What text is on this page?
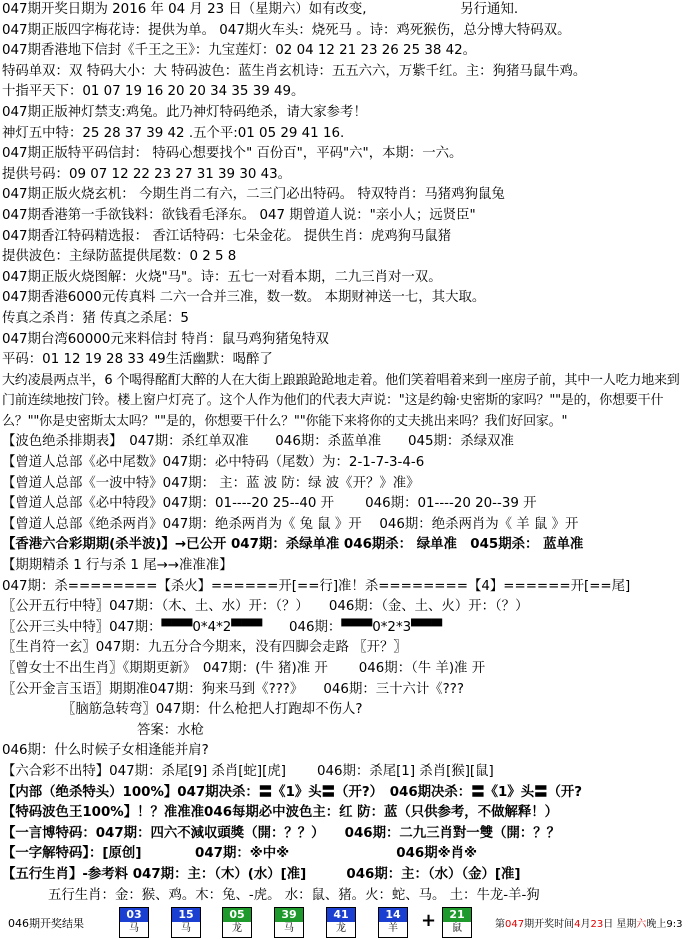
047期开奖日期为 2016 年 04 月 23 日（星期六）如有改变,　　　　　　　另行通知.
047期正版四字梅花诗：提供为单。 047期火车头：烧死马 。诗：鸡死猴伤，总分博大特码双。
047期香港地下信封《千王之王》：九宝莲灯：02 04 12 21 23 26 25 38 42。
特码单双：双 特码大小：大 特码波色：蓝生肖玄机诗：五五六六，万紫千红。主：狗猪马鼠牛鸡。
十指平天下：01 07 19 16 20 20 34 35 39 49。
047期正版神灯禁支:鸡兔。此乃神灯特码绝杀，请大家参考！
神灯五中特：25 28 37 39 42 .五个平:01 05 29 41 16.
047期正版特平码信封： 特码心想要找个" 百份百"，平码"六"，本期：一六。
提供号码：09 07 12 22 23 27 31 39 30 43。
047期正版火烧玄机： 今期生肖二有六，二三门必出特码。 特双特肖：马猪鸡狗鼠兔
047期香港第一手欲钱料：欲钱看毛泽东。 047 期曾道人说："亲小人；远贤臣"
047期香江特码精选报： 香江话特码：七朵金花。 提供生肖：虎鸡狗马鼠猪
提供波色：主绿防蓝提供尾数：0 2 5 8
047期正版火烧图解：火烧"马"。诗：五七一对看本期，二九三肖对一双。
047期香港6000元传真料 二六一合并三准，数一数。 本期财神送一七，其大取。
传真之杀肖：猪 传真之杀尾：5
047期台湾60000元来料信封 特肖：鼠马鸡狗猪兔特双
平码：01 12 19 28 33 49生活幽默：喝醉了
大约凌晨两点半，6 个喝得酩酊大醉的人在大街上踉踉跄跄地走着。他们笑着唱着来到一座房子前，其中一人吃力地来到门前连续地按门铃。楼上窗户灯亮了。这个人作为他们的代表大声说："这是约翰·史密斯的家吗？""是的，你想要干什么？""你是史密斯太太吗？""是的，你想要干什么？""你能下来将你的丈夫挑出来吗？我们好回家。"
【波色绝杀排期表】　047期：杀红单双准　　046期：杀蓝单准　　045期：杀绿双准
【曾道人总部《必中尾数》047期：必中特码（尾数）为：2-1-7-3-4-6
【曾道人总部《一波中特》047期： 主：蓝 波 防：绿 波《开？》准》
【曾道人总部《必中特段》047期：01----20 25--40 开　　 046期：01----20 20--39 开
【曾道人总部《绝杀两肖》047期：绝杀两肖为《 兔 鼠 》开　 046期：绝杀两肖为《 羊 鼠 》开
【香港六合彩期期(杀半波)】→已公开 047期：杀绿单准 046期杀： 绿单准　045期杀： 蓝单准
【期期精杀 1 行与杀 1 尾→→准准准】
047期：杀========【杀火】======开[==行]准！杀========【4】======开[==尾]
〖公开五行中特〗047期：（木、土、水）开：（？）　　046期：（金、土、火）开：（？）
〖公开三头中特〗047期：▀▀▀0*4*2▀▀▀　　046期：▀▀▀0*2*3▀▀▀
〖生肖符一玄〗047期：九五分合今期来，没有四脚会走路 〖开？〗
〖曾女士不出生肖〗《期期更新》　047期：(牛 猪)准 开　　 046期：（牛 羊)准 开
〖公开金言玉语〗期期准047期：狗来马到《???》　　046期：三十六计《???
〖脑筋急转弯〗047期：什么枪把人打跑却不伤人?
答案：水枪
046期：什么时候子女相逢能并肩?
【六合彩不出特】047期：杀尾[9] 杀肖[蛇][虎]　　 046期：杀尾[1] 杀肖[猴][鼠]
【内部（绝杀特头）100%】047期决杀：〓《1》头〓（开?）　046期决杀：〓《1》头〓（开?
【特码波色王100%】！？准准准046每期必中波色主：红 防：蓝（只供参考，不做解释！）
【一言博特码：047期：四六不減収頭獎（開：？？）　　046期：二九三肖對一雙（開：？？
【一字解特码】：[原创]　　　　047期：※中※　　　　　　　　046期※肖※
【五行生肖】-参考料 047期：主：（木）(水）[准]　　　046期：主：（水）（金）[准]
五行生肖：金：猴、鸡。木：兔、-虎。 水：鼠、猪。火：蛇、马。 土：牛龙-羊-狗
046期开奖结果
03
马
15
马
05
龙
39
马
41
龙
14
羊	+	21
鼠	第047期开奖时间4月23日 星期六晚上9:3
